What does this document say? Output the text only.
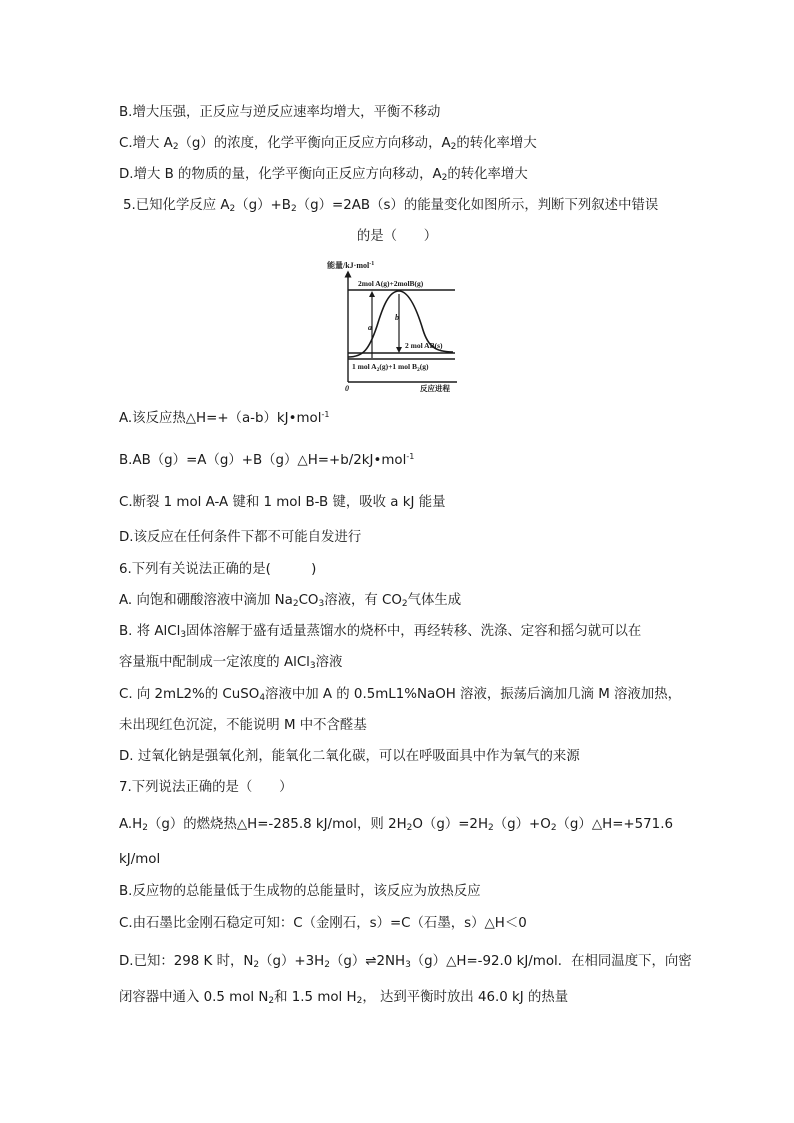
B.增大压强，正反应与逆反应速率均增大，平衡不移动
C.增大 $A_2(g)$的浓度，化学平衡向正反应方向移动，$A_2$的转化率增大
D.增大 B 的物质的量，化学平衡向正反应方向移动，$A_2$的转化率增大
5.已知化学反应 $A_2(g)+B_2(g)=2AB(s)$的能量变化如图所示，判断下列叙述中错误
的是（　　）
能量/kJ·mol$^{-1}$
2mol A(g)+2molB(g)
2 mol AB(s)
1 mol $A_2(g)+1$ mol $B_2(g)$
a
b
0	反应进程
A.该反应热△H=+（a-b）kJ•mol$^{-1}$
B.AB（g）=A（g）+B（g）△H=+b/2kJ•mol$^{-1}$
C.断裂 1 mol A-A 键和 1 mol B-B 键，吸收 a kJ 能量
D.该反应在任何条件下都不可能自发进行
6.下列有关说法正确的是(　　　)
A. 向饱和硼酸溶液中滴加 $Na_2CO_3$溶液，有 $CO_2$气体生成
B. 将 AlCl$_3$固体溶解于盛有适量蒸馏水的烧杯中，再经转移、洗涤、定容和摇匀就可以在
容量瓶中配制成一定浓度的 AlCl$_3$溶液
C. 向 2mL2%的 CuSO$_4$溶液中加 A 的 0.5mL1%NaOH 溶液，振荡后滴加几滴 M 溶液加热，
未出现红色沉淀，不能说明 M 中不含醛基
D. 过氧化钠是强氧化剂，能氧化二氧化碳，可以在呼吸面具中作为氧气的来源
7.下列说法正确的是（　　）
$A.H_2(g)$的燃烧热△H=-285.8 kJ/mol，则 $2H_2O(g)=2H_2(g)+O_2(g)\triangle H=+571.6$
kJ/mol
B.反应物的总能量低于生成物的总能量时，该反应为放热反应
C.由石墨比金刚石稳定可知：C（金刚石，s）=C（石墨，s）△H＜0
D.已知：298 K 时，$N_2(g)+3H_2(g)\rightleftharpoons 2NH_3(g)\triangle H=-92.0$ kJ/mol．在相同温度下，向密
闭容器中通入 0.5 mol $N_2$和 1.5 mol $H_2$， 达到平衡时放出 46.0 kJ 的热量
